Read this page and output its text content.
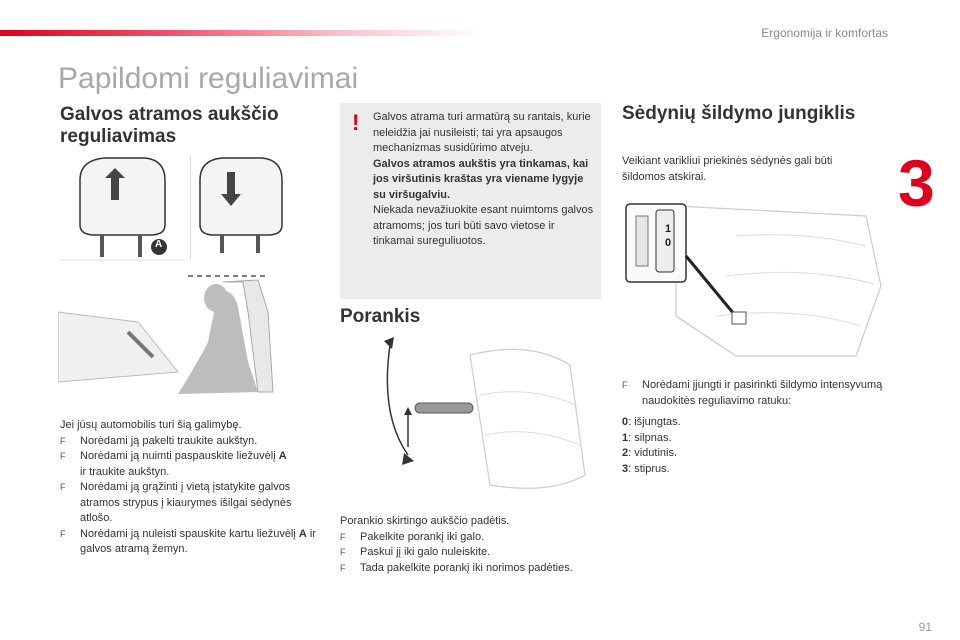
Ergonomija ir komfortas
3
Papildomi reguliavimai
Galvos atramos aukščio
reguliavimas
A

Jei jūsų automobilis turi šią galimybę.

F Norėdami ją pakelti traukite aukštyn.
F Norėdami ją nuimti paspauskite liežuvėlį A
ir traukite aukštyn.
F Norėdami ją grąžinti į vietą įstatykite galvos atramos strypus į kiaurymes išilgai sėdynės atlošo.
F Norėdami ją nuleisti spauskite kartu liežuvėlį A ir galvos atramą žemyn.
! Galvos atrama turi armatūrą su rantais, kurie neleidžia jai nusileisti; tai yra apsaugos mechanizmas susidūrimo atveju.

Galvos atramos aukštis yra tinkamas, kai jos viršutinis kraštas yra viename lygyje su viršugalviu.

Niekada nevažiuokite esant nuimtoms galvos atramoms; jos turi būti savo vietose ir tinkamai sureguliuotos.

Porankis

Porankio skirtingo aukščio padėtis.

F Pakelkite porankį iki galo.
F Paskui jį iki galo nuleiskite.
F Tada pakelkite porankį iki norimos padėties.
Sėdynių šildymo jungiklis

Veikiant varikliui priekinės sėdynės gali būti šildomos atskirai.

1
0
F Norėdami įjungti ir pasirinkti šildymo intensyvumą naudokitės reguliavimo ratuku:
0: išjungtas.
1: silpnas.
2: vidutinis.
3: stiprus.
91
